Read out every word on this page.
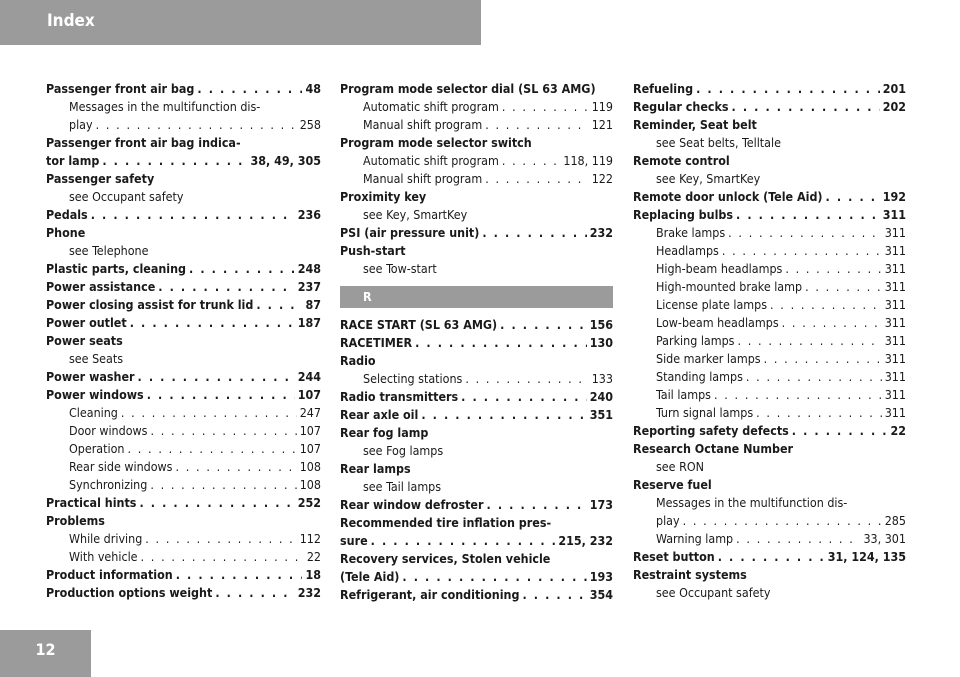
Index
Passenger front air bag . . .	48
Messages in the multifunction dis-
play . . .	258
Passenger front air bag indica-
tor lamp . . .	38, 49, 305
Passenger safety
see Occupant safety
Pedals . . .	236
Phone
see Telephone
Plastic parts, cleaning . . .	248
Power assistance . . .	237
Power closing assist for trunk lid . . .	87
Power outlet . . .	187
Power seats
see Seats
Power washer . . .	244
Power windows . . .	107
Cleaning . . .	247
Door windows . . .	107
Operation . . .	107
Rear side windows . . .	108
Synchronizing . . .	108
Practical hints . . .	252
Problems
While driving . . .	112
With vehicle . . .	22
Product information . . .	18
Production options weight . . .	232
Program mode selector dial (SL 63 AMG)
Automatic shift program . . .	119
Manual shift program . . .	121
Program mode selector switch
Automatic shift program . . .	118, 119
Manual shift program . . .	122
Proximity key
see Key, SmartKey
PSI (air pressure unit) . . .	232
Push-start
see Tow-start
R
RACE START (SL 63 AMG) . . .	156
RACETIMER . . .	130
Radio
Selecting stations . . .	133
Radio transmitters . . .	240
Rear axle oil . . .	351
Rear fog lamp
see Fog lamps
Rear lamps
see Tail lamps
Rear window defroster . . .	173
Recommended tire inflation pres-
sure . . .	215, 232
Recovery services, Stolen vehicle
(Tele Aid) . . .	193
Refrigerant, air conditioning . . .	354
Refueling . . .	201
Regular checks . . .	202
Reminder, Seat belt
see Seat belts, Telltale
Remote control
see Key, SmartKey
Remote door unlock (Tele Aid) . . .	192
Replacing bulbs . . .	311
Brake lamps . . .	311
Headlamps . . .	311
High-beam headlamps . . .	311
High-mounted brake lamp . . .	311
License plate lamps . . .	311
Low-beam headlamps . . .	311
Parking lamps . . .	311
Side marker lamps . . .	311
Standing lamps . . .	311
Tail lamps . . .	311
Turn signal lamps . . .	311
Reporting safety defects . . .	22
Research Octane Number
see RON
Reserve fuel
Messages in the multifunction dis-
play . . .	285
Warning lamp . . .	33, 301
Reset button . . .	31, 124, 135
Restraint systems
see Occupant safety
12
